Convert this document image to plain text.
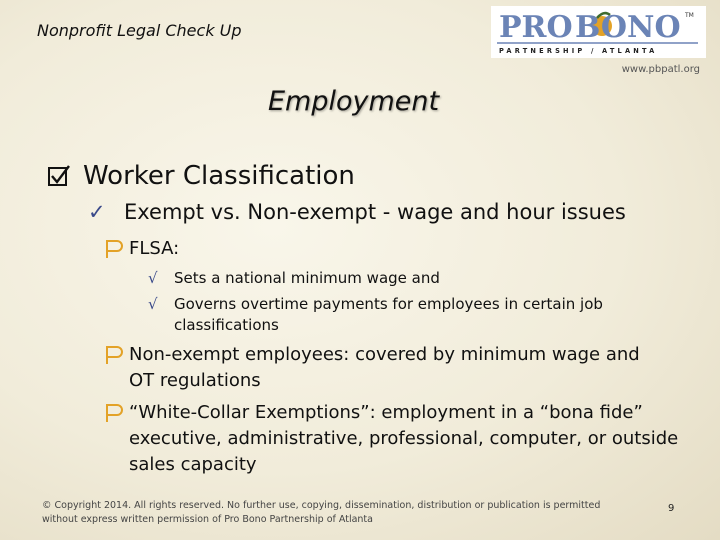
Nonprofit Legal Check Up	PRO BONO TM
PARTNERSHIP / ATLANTA
www.pbpatl.org
Employment
Worker Classification
✓ Exempt vs. Non-exempt - wage and hour issues
FLSA:
√	Sets a national minimum wage and
√	Governs overtime payments for employees in certain job classifications
Non-exempt employees: covered by minimum wage and OT regulations
“White-Collar Exemptions”: employment in a “bona fide” executive, administrative, professional, computer, or outside sales capacity
© Copyright 2014. All rights reserved. No further use, copying, dissemination, distribution or publication is permitted without express written permission of Pro Bono Partnership of Atlanta
9
